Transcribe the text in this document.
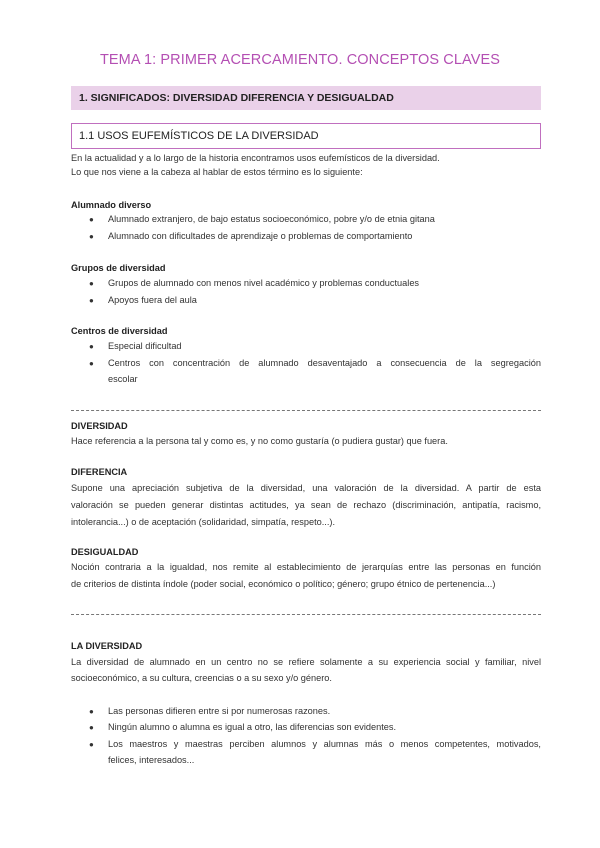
TEMA 1: PRIMER ACERCAMIENTO. CONCEPTOS CLAVES
1. SIGNIFICADOS: DIVERSIDAD DIFERENCIA Y DESIGUALDAD
1.1 USOS EUFEMÍSTICOS DE LA DIVERSIDAD
En la actualidad y a lo largo de la historia encontramos usos eufemísticos de la diversidad.
Lo que nos viene a la cabeza al hablar de estos término es lo siguiente:
Alumnado diverso
● Alumnado extranjero, de bajo estatus socioeconómico, pobre y/o de etnia gitana
● Alumnado con dificultades de aprendizaje o problemas de comportamiento
Grupos de diversidad
● Grupos de alumnado con menos nivel académico y problemas conductuales
● Apoyos fuera del aula
Centros de diversidad
● Especial dificultad
● Centros con concentración de alumnado desaventajado a consecuencia de la segregación
escolar
DIVERSIDAD
Hace referencia a la persona tal y como es, y no como gustaría (o pudiera gustar) que fuera.
DIFERENCIA
Supone una apreciación subjetiva de la diversidad, una valoración de la diversidad. A partir de esta
valoración se pueden generar distintas actitudes, ya sean de rechazo (discriminación, antipatía, racismo,
intolerancia...) o de aceptación (solidaridad, simpatía, respeto...).
DESIGUALDAD
Noción contraria a la igualdad, nos remite al establecimiento de jerarquías entre las personas en función
de criterios de distinta índole (poder social, económico o político; género; grupo étnico de pertenencia...)
LA DIVERSIDAD
La diversidad de alumnado en un centro no se refiere solamente a su experiencia social y familiar, nivel
socioeconómico, a su cultura, creencias o a su sexo y/o género.
● Las personas difieren entre si por numerosas razones.
● Ningún alumno o alumna es igual a otro, las diferencias son evidentes.
● Los maestros y maestras perciben alumnos y alumnas más o menos competentes, motivados,
felices, interesados...
